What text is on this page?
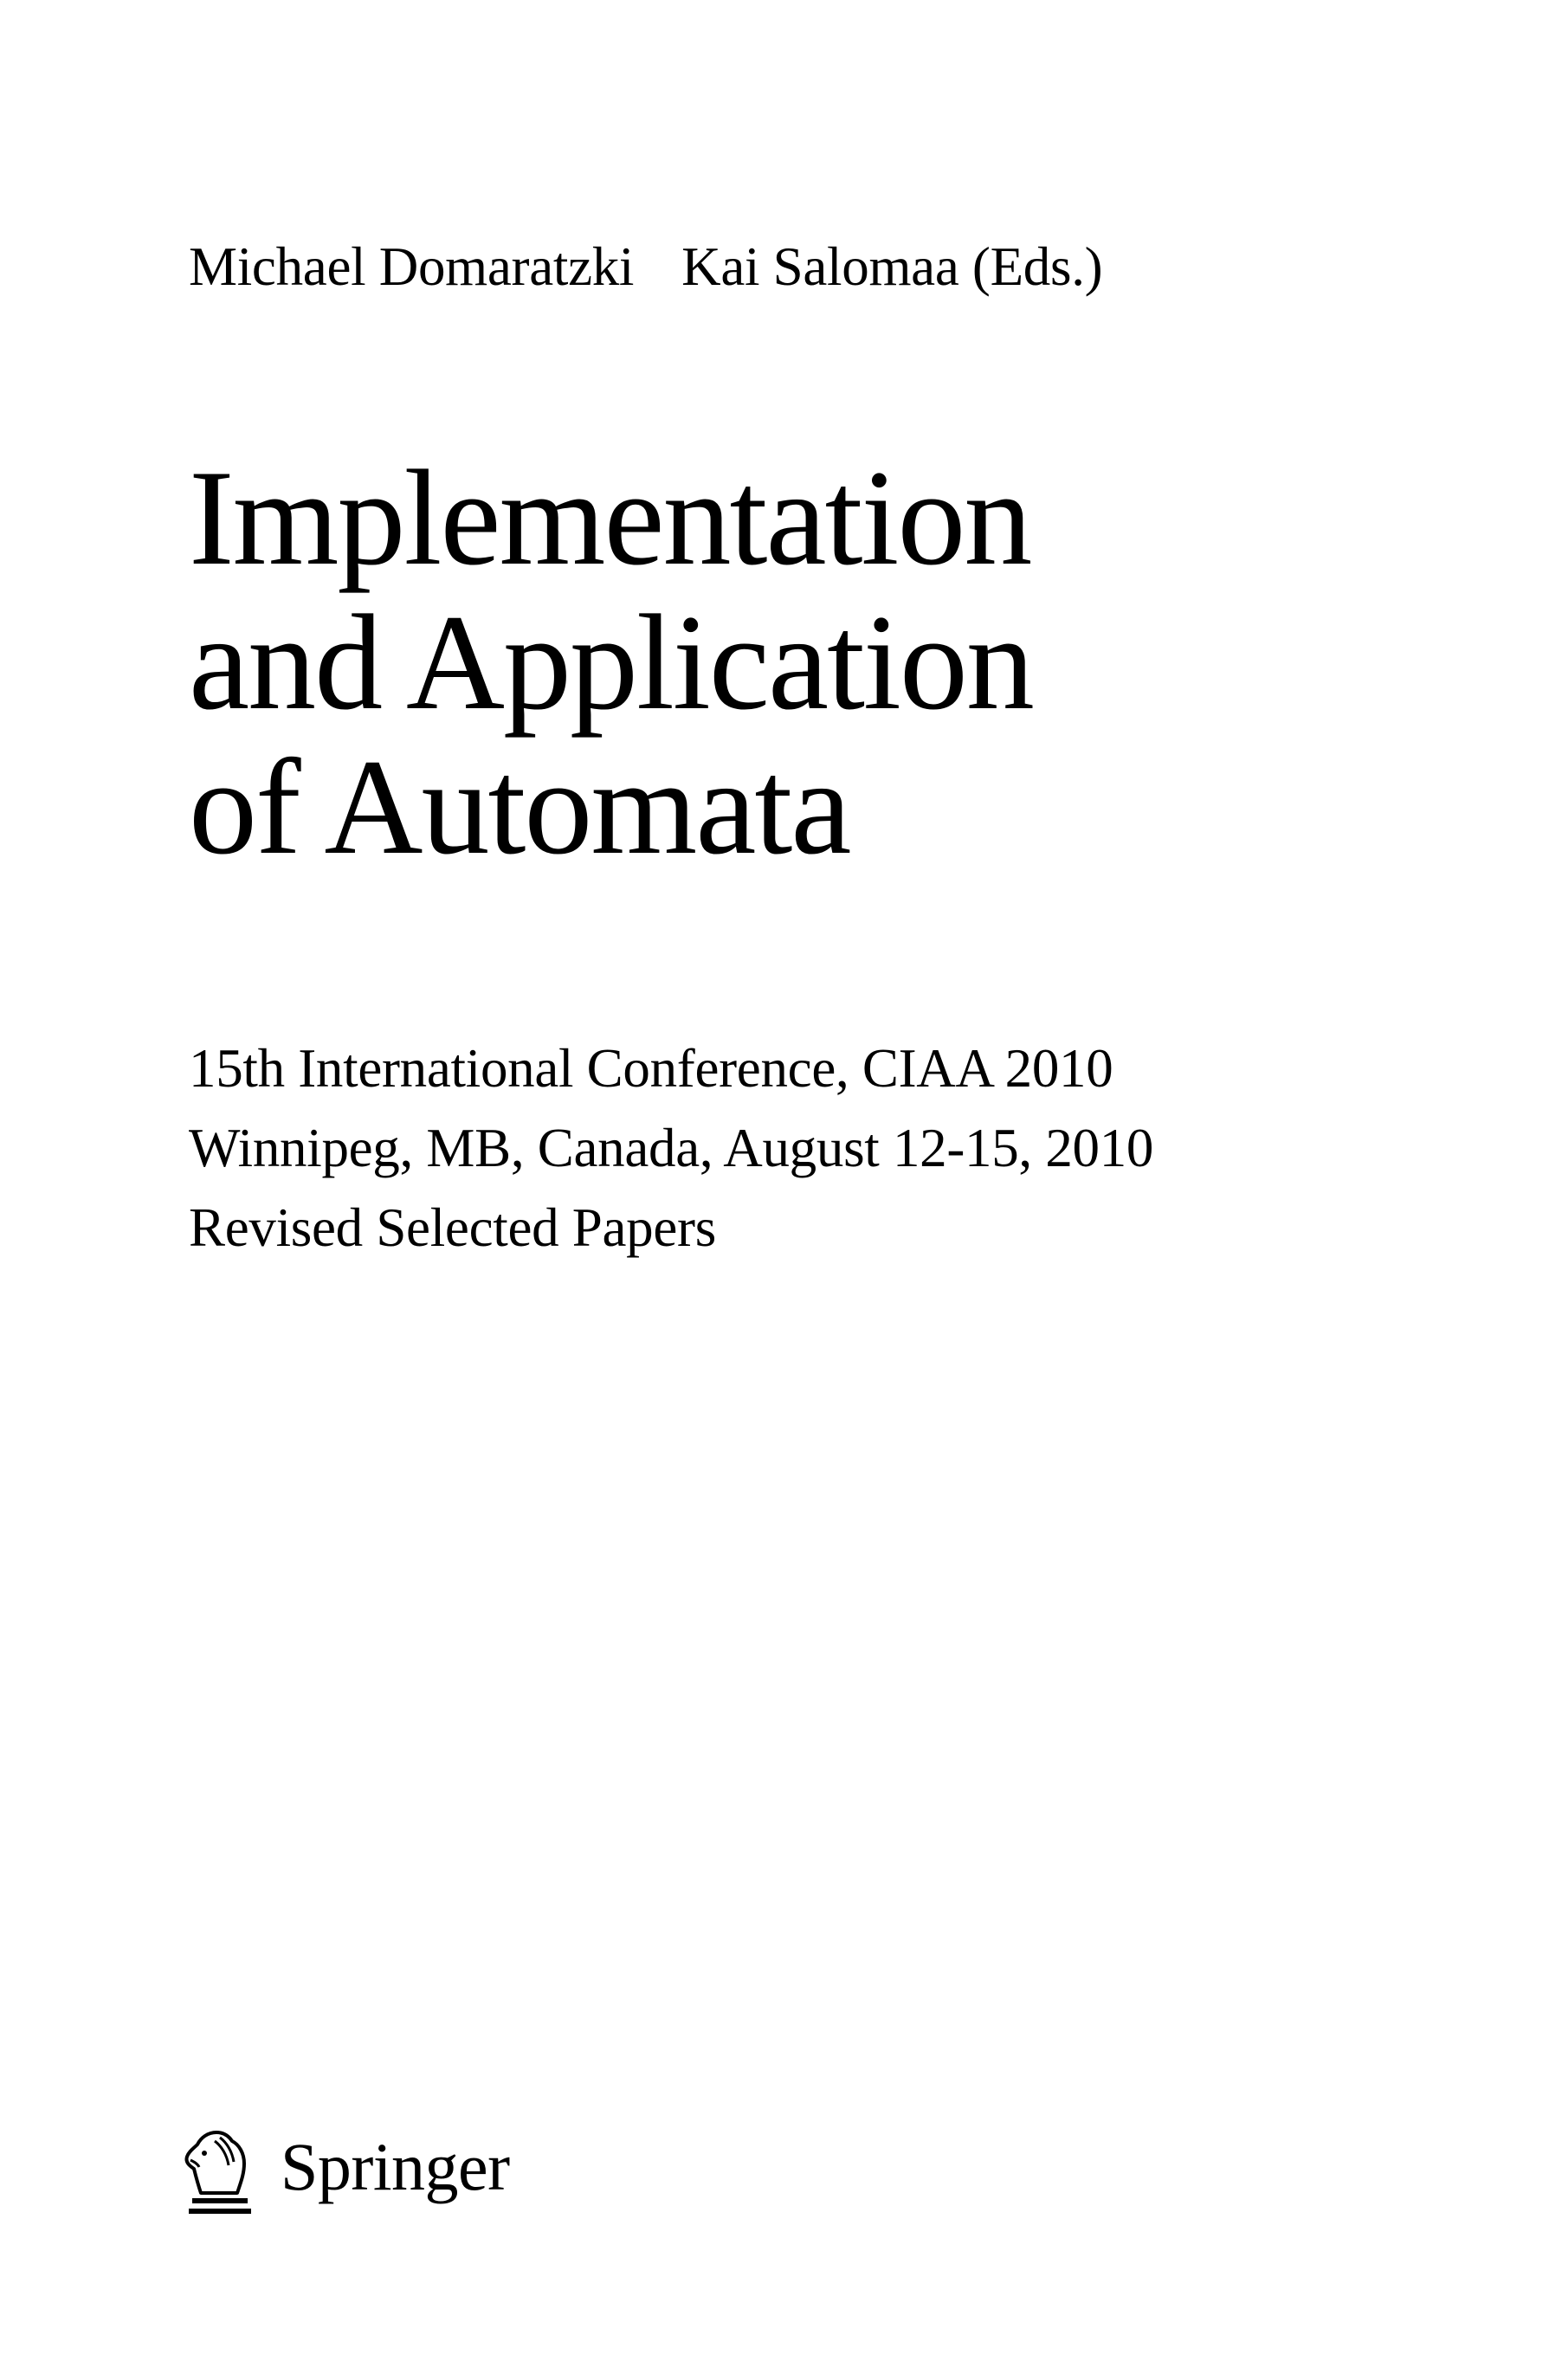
Michael Domaratzki Kai Salomaa (Eds.)
Implementation
and Application
of Automata
15th International Conference, CIAA 2010
Winnipeg, MB, Canada, August 12-15, 2010
Revised Selected Papers
Springer
